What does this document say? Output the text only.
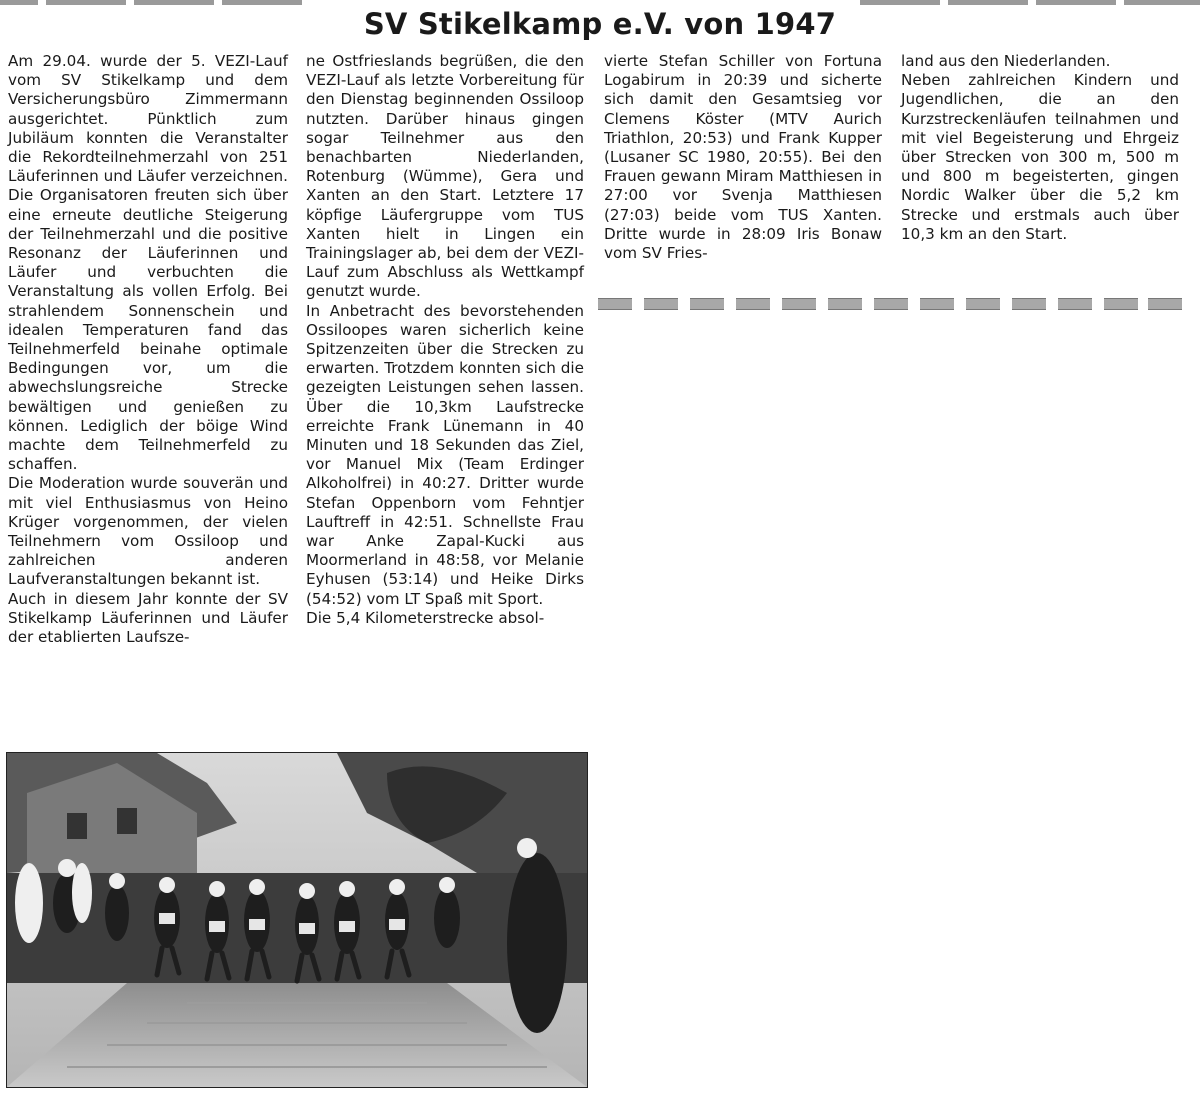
SV Stikelkamp e.V. von 1947

Am 29.04. wurde der 5. VEZI-Lauf vom SV Stikelkamp und dem Versicherungsbüro Zimmermann ausgerichtet. Pünktlich zum Jubiläum konnten die Veranstalter die Rekordteilnehmerzahl von 251 Läuferinnen und Läufer verzeichnen. Die Organisatoren freuten sich über eine erneute deutliche Steigerung der Teilnehmerzahl und die positive Resonanz der Läuferinnen und Läufer und verbuchten die Veranstaltung als vollen Erfolg. Bei strahlendem Sonnenschein und idealen Temperaturen fand das Teilnehmerfeld beinahe optimale Bedingungen vor, um die abwechslungsreiche Strecke bewältigen und genießen zu können. Lediglich der böige Wind machte dem Teilnehmerfeld zu schaffen.

Die Moderation wurde souverän und mit viel Enthusiasmus von Heino Krüger vorgenommen, der vielen Teilnehmern vom Ossiloop und zahlreichen anderen Laufveranstaltungen bekannt ist.

Auch in diesem Jahr konnte der SV Stikelkamp Läuferinnen und Läufer der etablierten Laufsze-

ne Ostfrieslands begrüßen, die den VEZI-Lauf als letzte Vorbereitung für den Dienstag beginnenden Ossiloop nutzten. Darüber hinaus gingen sogar Teilnehmer aus den benachbarten Niederlanden, Rotenburg (Wümme), Gera und Xanten an den Start. Letztere 17 köpfige Läufergruppe vom TUS Xanten hielt in Lingen ein Trainingslager ab, bei dem der VEZI-Lauf zum Abschluss als Wettkampf genutzt wurde.

In Anbetracht des bevorstehenden Ossiloopes waren sicherlich keine Spitzenzeiten über die Strecken zu erwarten. Trotzdem konnten sich die gezeigten Leistungen sehen lassen. Über die 10,3km Laufstrecke erreichte Frank Lünemann in 40 Minuten und 18 Sekunden das Ziel, vor Manuel Mix (Team Erdinger Alkoholfrei) in 40:27. Dritter wurde Stefan Oppenborn vom Fehntjer Lauftreff in 42:51. Schnellste Frau war Anke Zapal-Kucki aus Moormerland in 48:58, vor Melanie Eyhusen (53:14) und Heike Dirks (54:52) vom LT Spaß mit Sport.

Die 5,4 Kilometerstrecke absol-

vierte Stefan Schiller von Fortuna Logabirum in 20:39 und sicherte sich damit den Gesamtsieg vor Clemens Köster (MTV Aurich Triathlon, 20:53) und Frank Kupper (Lusaner SC 1980, 20:55). Bei den Frauen gewann Miram Matthiesen in 27:00 vor Svenja Matthiesen (27:03) beide vom TUS Xanten. Dritte wurde in 28:09 Iris Bonaw vom SV Fries-

land aus den Niederlanden.

Neben zahlreichen Kindern und Jugendlichen, die an den Kurzstreckenläufen teilnahmen und mit viel Begeisterung und Ehrgeiz über Strecken von 300 m, 500 m und 800 m begeisterten, gingen Nordic Walker über die 5,2 km Strecke und erstmals auch über 10,3 km an den Start.
